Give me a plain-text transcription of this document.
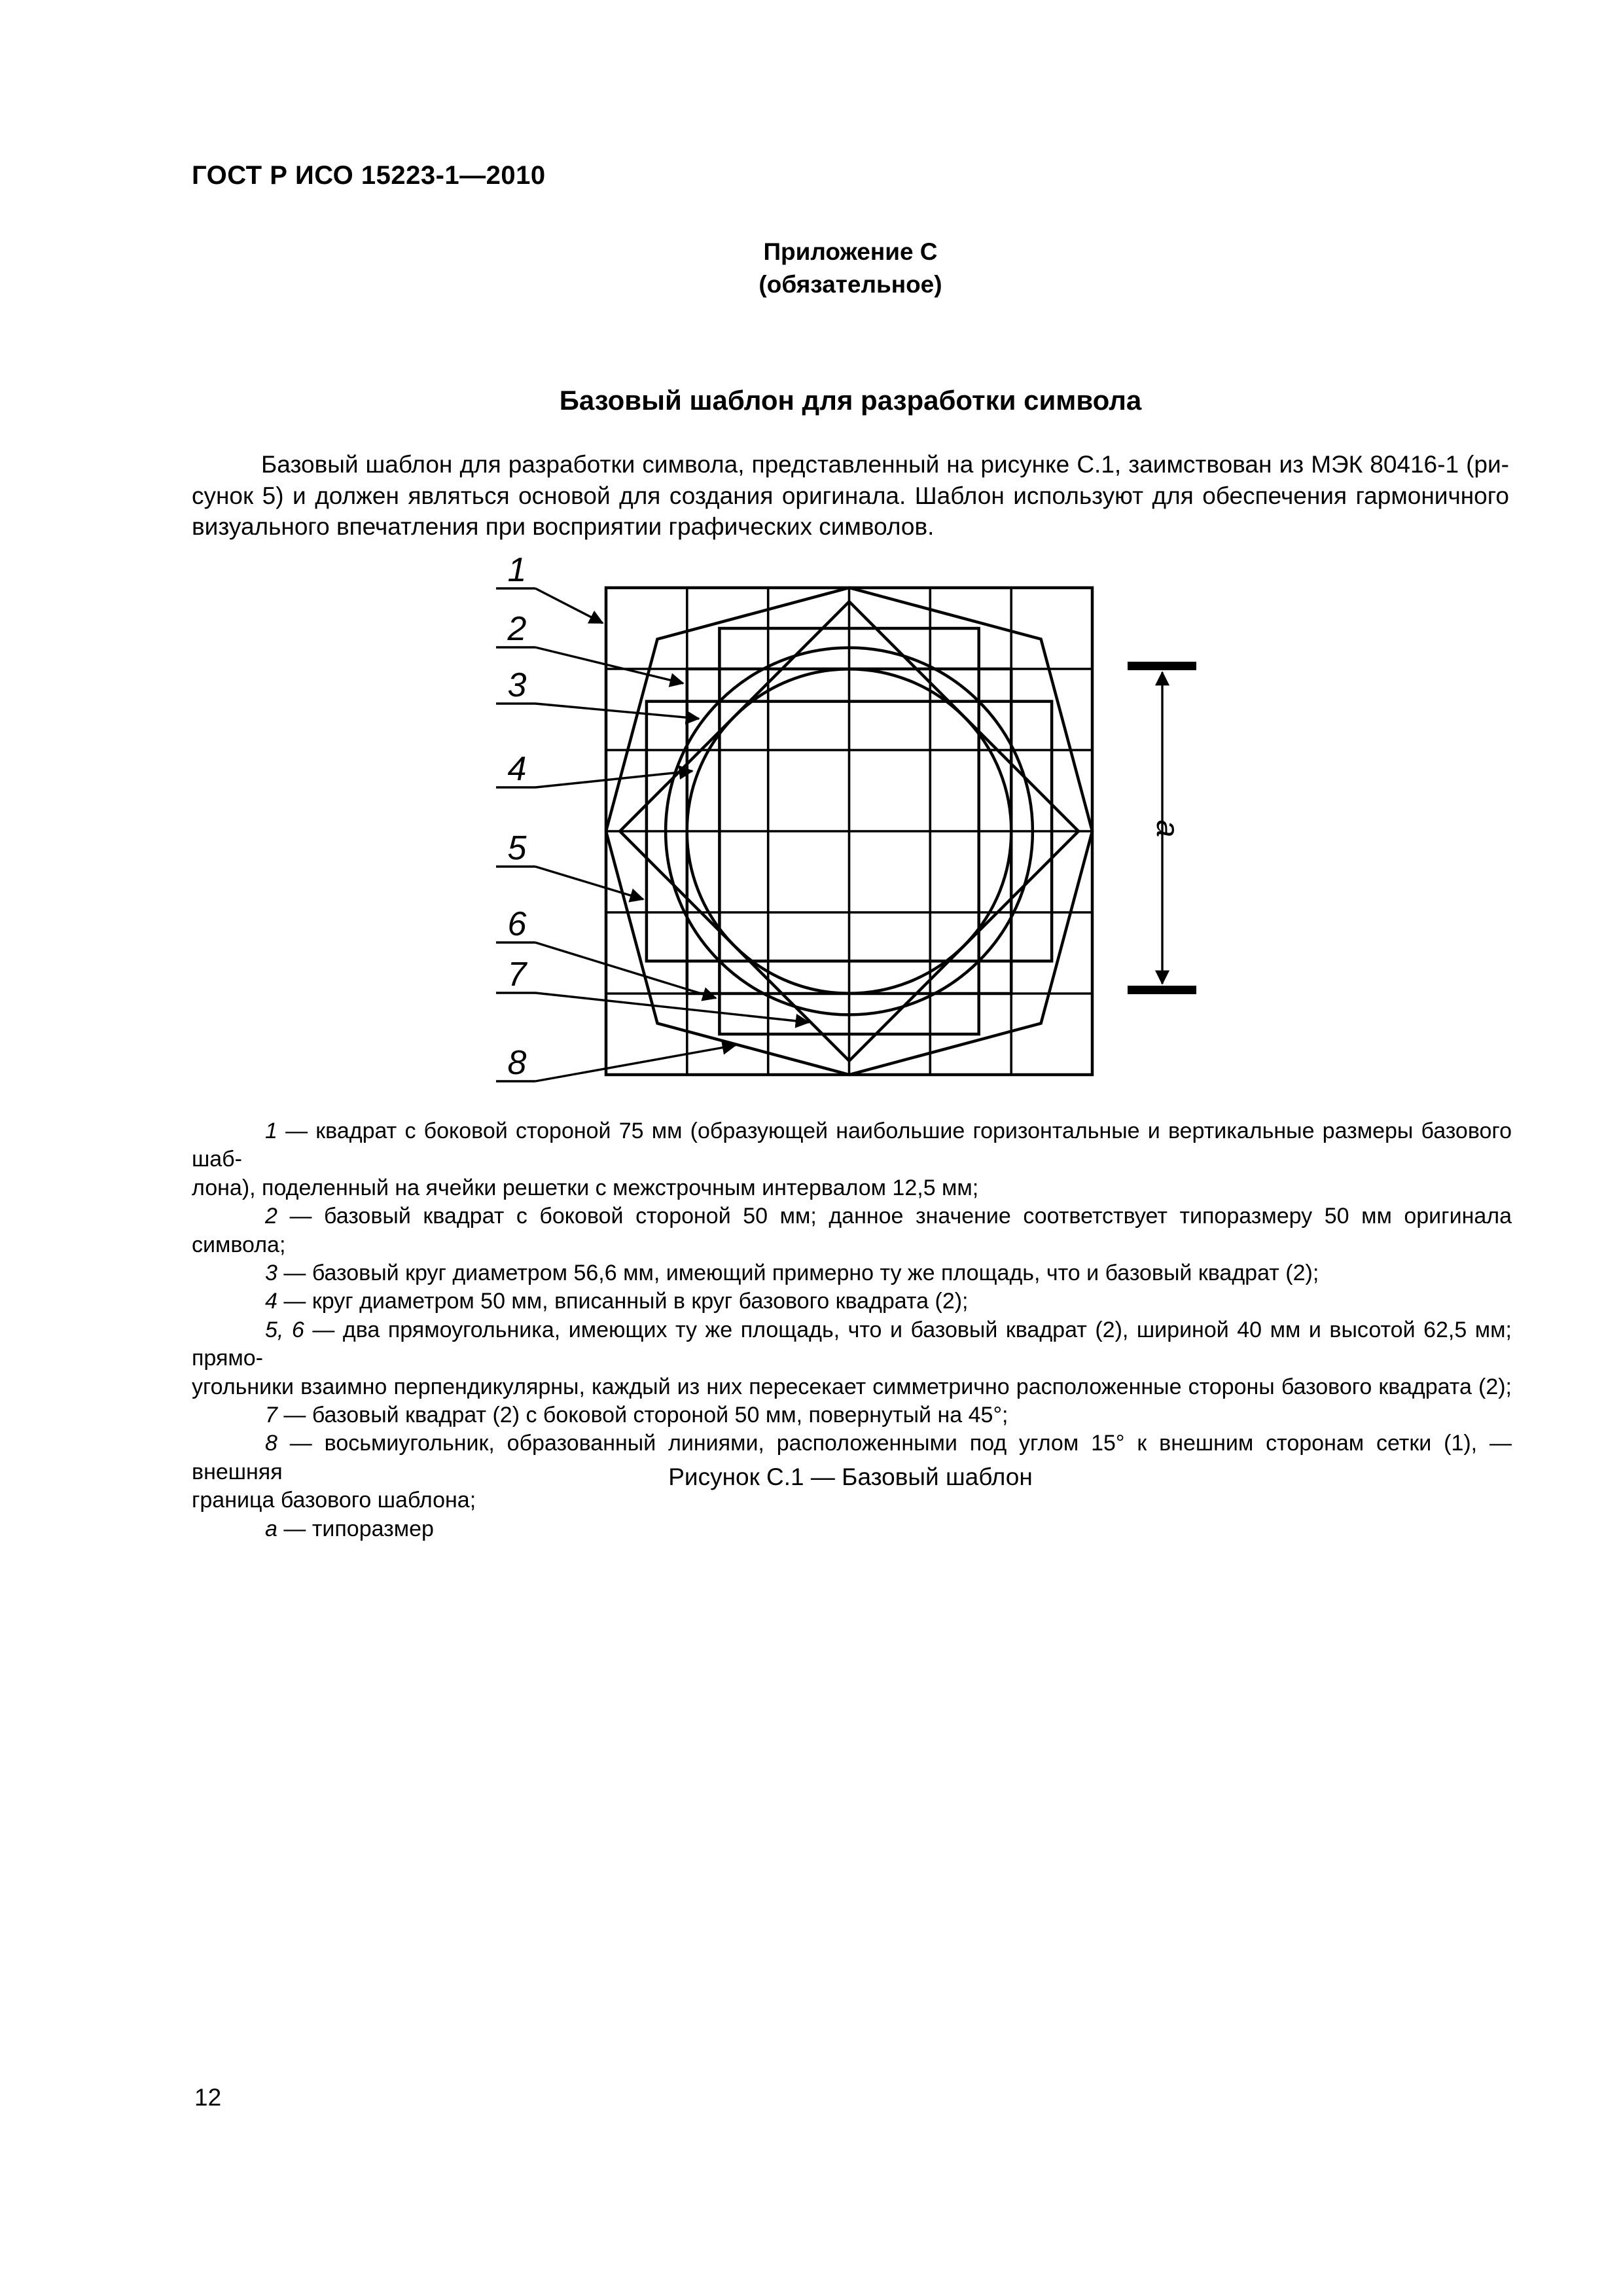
ГОСТ Р ИСО 15223-1—2010
Приложение С
(обязательное)
Базовый шаблон для разработки символа
Базовый шаблон для разработки символа, представленный на рисунке С.1, заимствован из МЭК 80416-1 (ри-
сунок 5) и должен являться основой для создания оригинала. Шаблон используют для обеспечения гармоничного
визуального впечатления при восприятии графических символов.
1
2
3
4
5
6
7
8
a
1 — квадрат с боковой стороной 75 мм (образующей наибольшие горизонтальные и вертикальные размеры базового шаб-
лона), поделенный на ячейки решетки с межстрочным интервалом 12,5 мм;
2 — базовый квадрат с боковой стороной 50 мм; данное значение соответствует типоразмеру 50 мм оригинала символа;
3 — базовый круг диаметром 56,6 мм, имеющий примерно ту же площадь, что и базовый квадрат (2);
4 — круг диаметром 50 мм, вписанный в круг базового квадрата (2);
5, 6 — два прямоугольника, имеющих ту же площадь, что и базовый квадрат (2), шириной 40 мм и высотой 62,5 мм; прямо-
угольники взаимно перпендикулярны, каждый из них пересекает симметрично расположенные стороны базового квадрата (2);
7 — базовый квадрат (2) с боковой стороной 50 мм, повернутый на 45°;
8 — восьмиугольник, образованный линиями, расположенными под углом 15° к внешним сторонам сетки (1), — внешняя
граница базового шаблона;
а — типоразмер
Рисунок С.1 — Базовый шаблон
12
